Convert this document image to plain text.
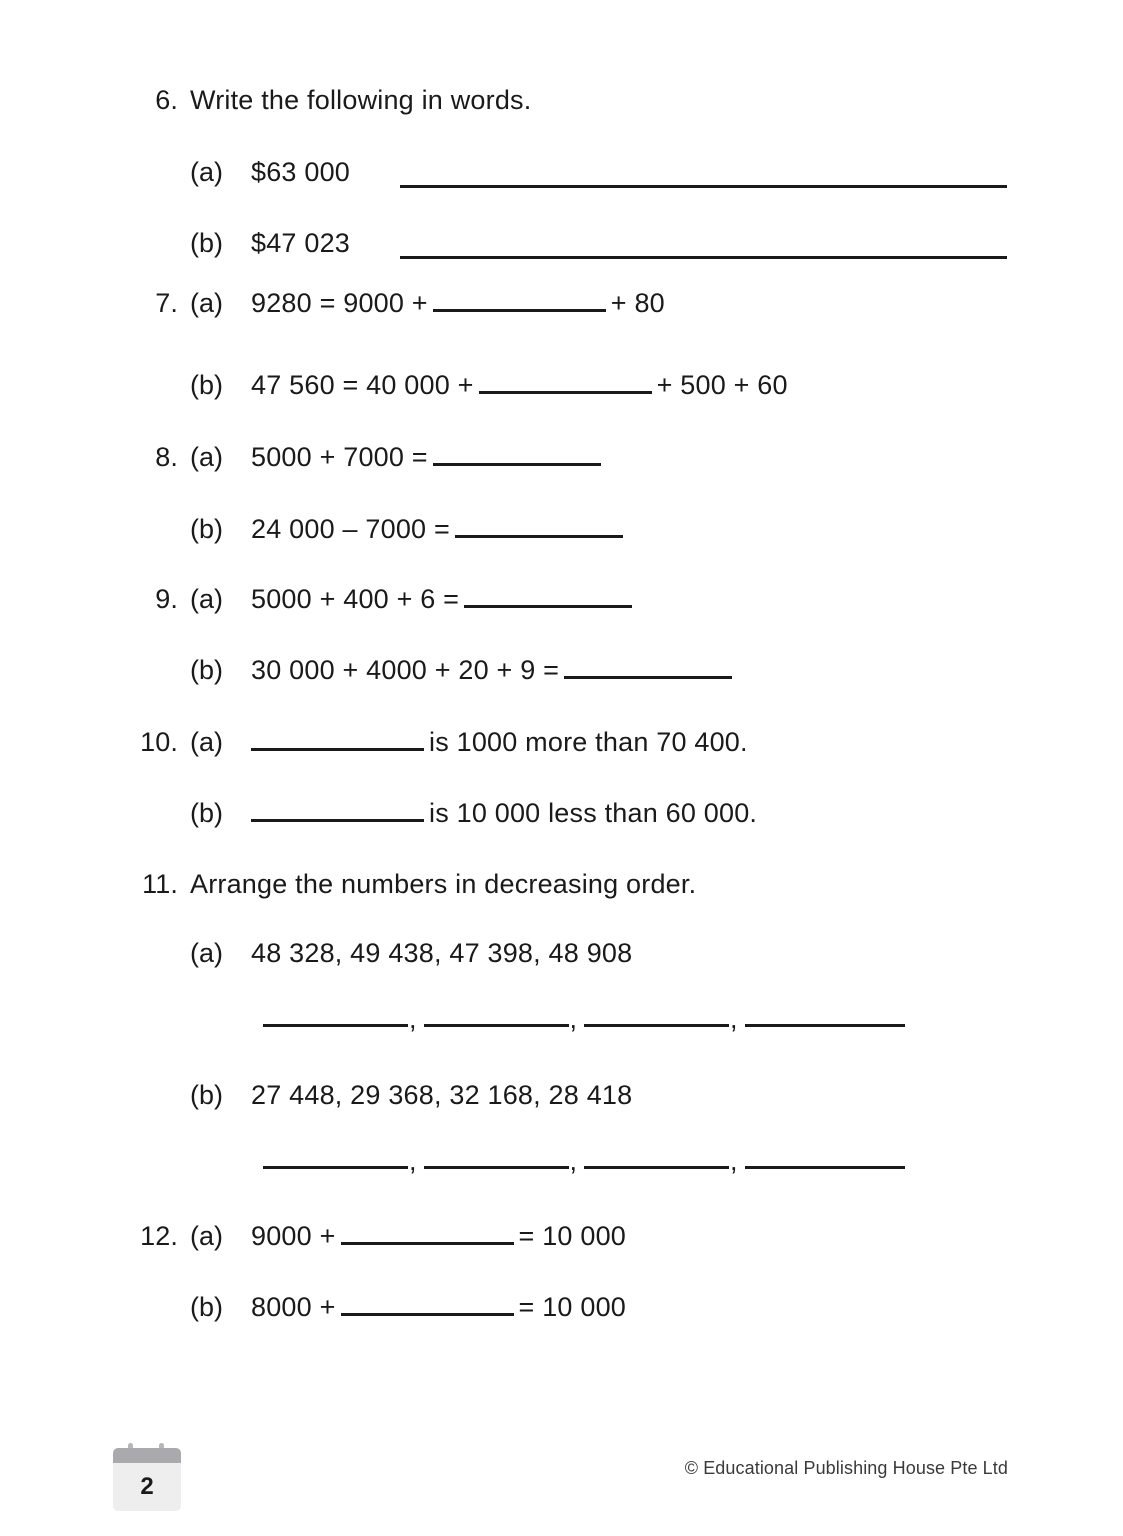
6. Write the following in words.
(a)	$63 000
(b)	$47 023
7. (a)	9280 = 9000 +	+ 80
(b)	47 560 = 40 000 +	+ 500 + 60
8. (a)	5000 + 7000 =
(b)	24 000 – 7000 =
9. (a)	5000 + 400 + 6 =
(b)	30 000 + 4000 + 20 + 9 =
10. (a)	is 1000 more than 70 400.
(b)	is 10 000 less than 60 000.
11. Arrange the numbers in decreasing order.
(a)	48 328, 49 438, 47 398, 48 908
,	,	,
(b)	27 448, 29 368, 32 168, 28 418
,	,	,
12. (a)	9000 +	= 10 000
(b)	8000 +	= 10 000
2
© Educational Publishing House Pte Ltd
